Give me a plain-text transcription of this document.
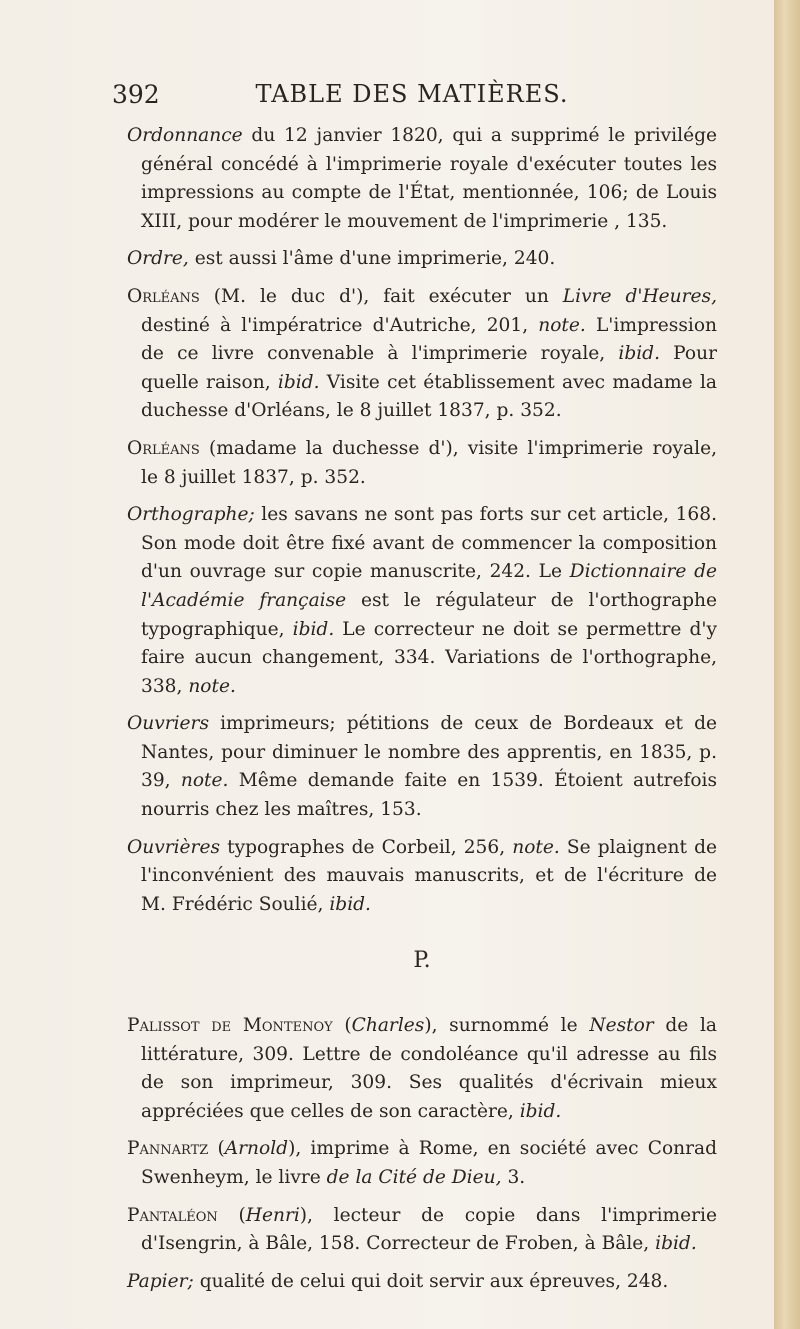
392	TABLE DES MATIÈRES.

Ordonnance du 12 janvier 1820, qui a supprimé le privilége général concédé à l'imprimerie royale d'exécuter toutes les impressions au compte de l'État, mentionnée, 106; de Louis XIII, pour modérer le mouvement de l'imprimerie , 135.

Ordre, est aussi l'âme d'une imprimerie, 240.

Orléans (M. le duc d'), fait exécuter un Livre d'Heures, destiné à l'impératrice d'Autriche, 201, note. L'impression de ce livre convenable à l'imprimerie royale, ibid. Pour quelle raison, ibid. Visite cet établissement avec madame la duchesse d'Orléans, le 8 juillet 1837, p. 352.

Orléans (madame la duchesse d'), visite l'imprimerie royale, le 8 juillet 1837, p. 352.

Orthographe; les savans ne sont pas forts sur cet article, 168. Son mode doit être fixé avant de commencer la composition d'un ouvrage sur copie manuscrite, 242. Le Dictionnaire de l'Académie française est le régulateur de l'orthographe typographique, ibid. Le correcteur ne doit se permettre d'y faire aucun changement, 334. Variations de l'orthographe, 338, note.

Ouvriers imprimeurs; pétitions de ceux de Bordeaux et de Nantes, pour diminuer le nombre des apprentis, en 1835, p. 39, note. Même demande faite en 1539. Étoient autrefois nourris chez les maîtres, 153.

Ouvrières typographes de Corbeil, 256, note. Se plaignent de l'inconvénient des mauvais manuscrits, et de l'écriture de M. Frédéric Soulié, ibid.

P.

Palissot de Montenoy (Charles), surnommé le Nestor de la littérature, 309. Lettre de condoléance qu'il adresse au fils de son imprimeur, 309. Ses qualités d'écrivain mieux appréciées que celles de son caractère, ibid.

Pannartz (Arnold), imprime à Rome, en société avec Conrad Swenheym, le livre de la Cité de Dieu, 3.

Pantaléon (Henri), lecteur de copie dans l'imprimerie d'Isengrin, à Bâle, 158. Correcteur de Froben, à Bâle, ibid.

Papier; qualité de celui qui doit servir aux épreuves, 248.
